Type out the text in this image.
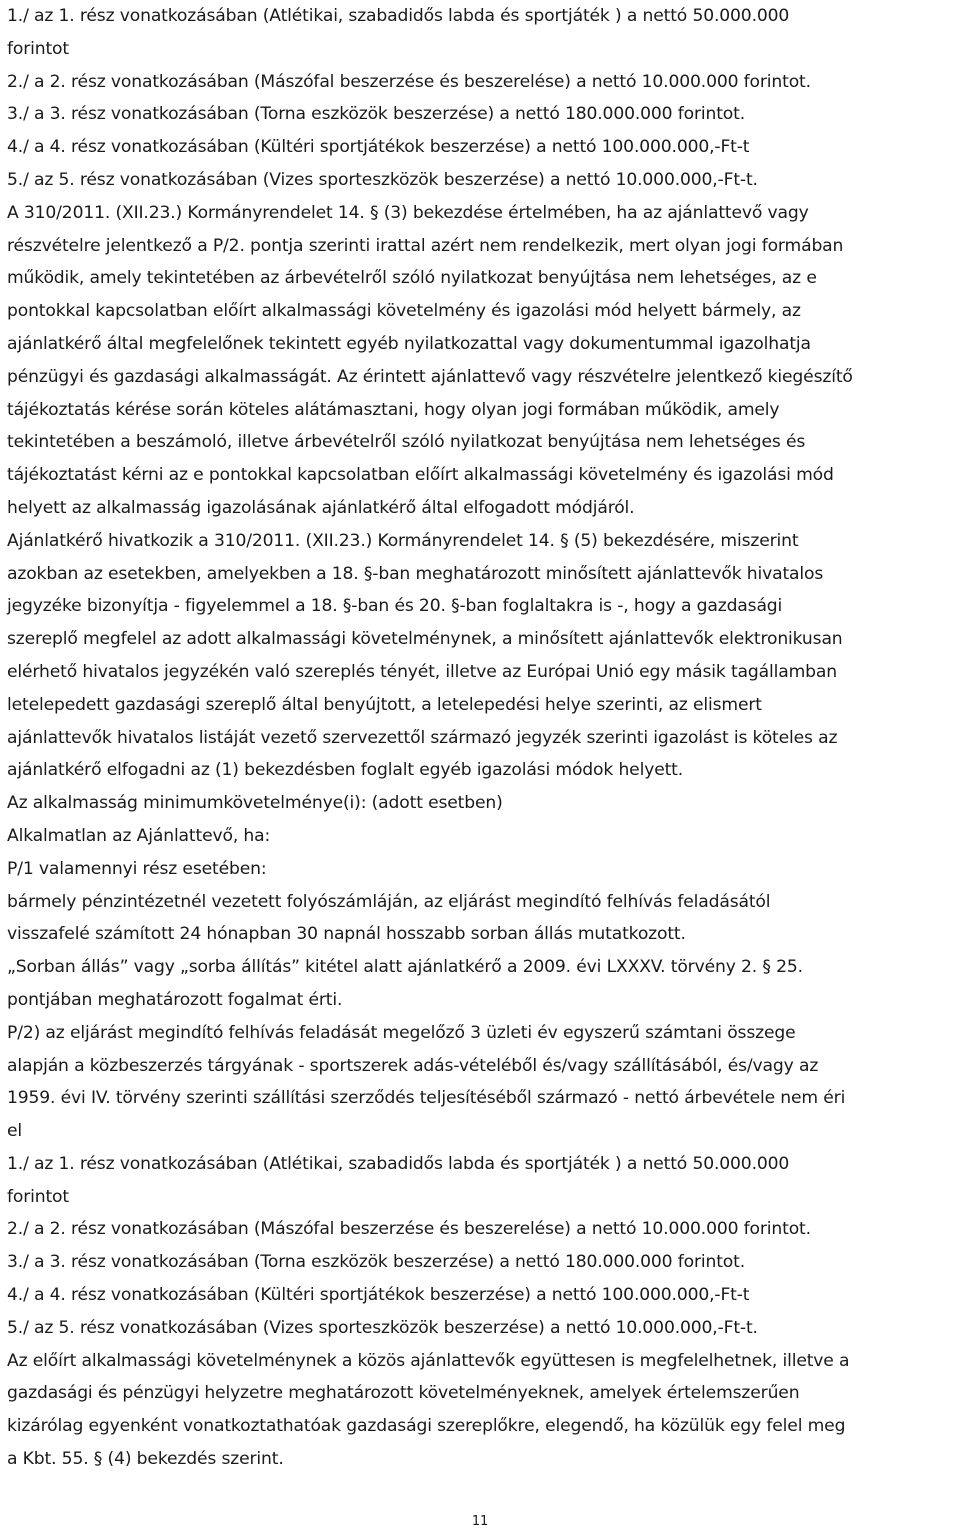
1./ az 1. rész vonatkozásában (Atlétikai, szabadidős labda és sportjáték ) a nettó 50.000.000
forintot
2./ a 2. rész vonatkozásában (Mászófal beszerzése és beszerelése) a nettó 10.000.000 forintot.
3./ a 3. rész vonatkozásában (Torna eszközök beszerzése) a nettó 180.000.000 forintot.
4./ a 4. rész vonatkozásában (Kültéri sportjátékok beszerzése) a nettó 100.000.000,-Ft-t
5./ az 5. rész vonatkozásában (Vizes sporteszközök beszerzése) a nettó 10.000.000,-Ft-t.
A 310/2011. (XII.23.) Kormányrendelet 14. § (3) bekezdése értelmében, ha az ajánlattevő vagy
részvételre jelentkező a P/2. pontja szerinti irattal azért nem rendelkezik, mert olyan jogi formában
működik, amely tekintetében az árbevételről szóló nyilatkozat benyújtása nem lehetséges, az e
pontokkal kapcsolatban előírt alkalmassági követelmény és igazolási mód helyett bármely, az
ajánlatkérő által megfelelőnek tekintett egyéb nyilatkozattal vagy dokumentummal igazolhatja
pénzügyi és gazdasági alkalmasságát. Az érintett ajánlattevő vagy részvételre jelentkező kiegészítő
tájékoztatás kérése során köteles alátámasztani, hogy olyan jogi formában működik, amely
tekintetében a beszámoló, illetve árbevételről szóló nyilatkozat benyújtása nem lehetséges és
tájékoztatást kérni az e pontokkal kapcsolatban előírt alkalmassági követelmény és igazolási mód
helyett az alkalmasság igazolásának ajánlatkérő által elfogadott módjáról.
Ajánlatkérő hivatkozik a 310/2011. (XII.23.) Kormányrendelet 14. § (5) bekezdésére, miszerint
azokban az esetekben, amelyekben a 18. §-ban meghatározott minősített ajánlattevők hivatalos
jegyzéke bizonyítja - figyelemmel a 18. §-ban és 20. §-ban foglaltakra is -, hogy a gazdasági
szereplő megfelel az adott alkalmassági követelménynek, a minősített ajánlattevők elektronikusan
elérhető hivatalos jegyzékén való szereplés tényét, illetve az Európai Unió egy másik tagállamban
letelepedett gazdasági szereplő által benyújtott, a letelepedési helye szerinti, az elismert
ajánlattevők hivatalos listáját vezető szervezettől származó jegyzék szerinti igazolást is köteles az
ajánlatkérő elfogadni az (1) bekezdésben foglalt egyéb igazolási módok helyett.
Az alkalmasság minimumkövetelménye(i): (adott esetben)
Alkalmatlan az Ajánlattevő, ha:
P/1 valamennyi rész esetében:
bármely pénzintézetnél vezetett folyószámláján, az eljárást megindító felhívás feladásától
visszafelé számított 24 hónapban 30 napnál hosszabb sorban állás mutatkozott.
„Sorban állás” vagy „sorba állítás” kitétel alatt ajánlatkérő a 2009. évi LXXXV. törvény 2. § 25.
pontjában meghatározott fogalmat érti.
P/2) az eljárást megindító felhívás feladását megelőző 3 üzleti év egyszerű számtani összege
alapján a közbeszerzés tárgyának - sportszerek adás-vételéből és/vagy szállításából, és/vagy az
1959. évi IV. törvény szerinti szállítási szerződés teljesítéséből származó - nettó árbevétele nem éri
el
1./ az 1. rész vonatkozásában (Atlétikai, szabadidős labda és sportjáték ) a nettó 50.000.000
forintot
2./ a 2. rész vonatkozásában (Mászófal beszerzése és beszerelése) a nettó 10.000.000 forintot.
3./ a 3. rész vonatkozásában (Torna eszközök beszerzése) a nettó 180.000.000 forintot.
4./ a 4. rész vonatkozásában (Kültéri sportjátékok beszerzése) a nettó 100.000.000,-Ft-t
5./ az 5. rész vonatkozásában (Vizes sporteszközök beszerzése) a nettó 10.000.000,-Ft-t.
Az előírt alkalmassági követelménynek a közös ajánlattevők együttesen is megfelelhetnek, illetve a
gazdasági és pénzügyi helyzetre meghatározott követelményeknek, amelyek értelemszerűen
kizárólag egyenként vonatkoztathatóak gazdasági szereplőkre, elegendő, ha közülük egy felel meg
a Kbt. 55. § (4) bekezdés szerint.
11
